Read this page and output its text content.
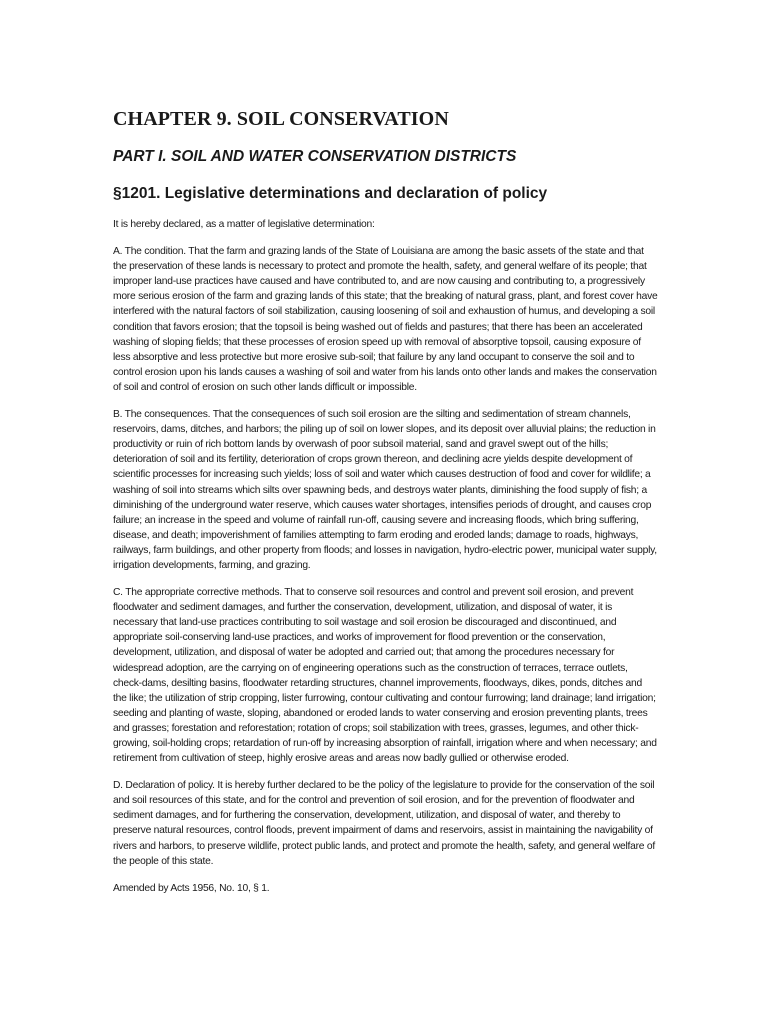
CHAPTER 9. SOIL CONSERVATION
PART I. SOIL AND WATER CONSERVATION DISTRICTS
§1201. Legislative determinations and declaration of policy

It is hereby declared, as a matter of legislative determination:

A. The condition. That the farm and grazing lands of the State of Louisiana are among the basic assets of the state and that the preservation of these lands is necessary to protect and promote the health, safety, and general welfare of its people; that improper land-use practices have caused and have contributed to, and are now causing and contributing to, a progressively more serious erosion of the farm and grazing lands of this state; that the breaking of natural grass, plant, and forest cover have interfered with the natural factors of soil stabilization, causing loosening of soil and exhaustion of humus, and developing a soil condition that favors erosion; that the topsoil is being washed out of fields and pastures; that there has been an accelerated washing of sloping fields; that these processes of erosion speed up with removal of absorptive topsoil, causing exposure of less absorptive and less protective but more erosive sub-soil; that failure by any land occupant to conserve the soil and to control erosion upon his lands causes a washing of soil and water from his lands onto other lands and makes the conservation of soil and control of erosion on such other lands difficult or impossible.

B. The consequences. That the consequences of such soil erosion are the silting and sedimentation of stream channels, reservoirs, dams, ditches, and harbors; the piling up of soil on lower slopes, and its deposit over alluvial plains; the reduction in productivity or ruin of rich bottom lands by overwash of poor subsoil material, sand and gravel swept out of the hills; deterioration of soil and its fertility, deterioration of crops grown thereon, and declining acre yields despite development of scientific processes for increasing such yields; loss of soil and water which causes destruction of food and cover for wildlife; a washing of soil into streams which silts over spawning beds, and destroys water plants, diminishing the food supply of fish; a diminishing of the underground water reserve, which causes water shortages, intensifies periods of drought, and causes crop failure; an increase in the speed and volume of rainfall run-off, causing severe and increasing floods, which bring suffering, disease, and death; impoverishment of families attempting to farm eroding and eroded lands; damage to roads, highways, railways, farm buildings, and other property from floods; and losses in navigation, hydro-electric power, municipal water supply, irrigation developments, farming, and grazing.

C. The appropriate corrective methods. That to conserve soil resources and control and prevent soil erosion, and prevent floodwater and sediment damages, and further the conservation, development, utilization, and disposal of water, it is necessary that land-use practices contributing to soil wastage and soil erosion be discouraged and discontinued, and appropriate soil-conserving land-use practices, and works of improvement for flood prevention or the conservation, development, utilization, and disposal of water be adopted and carried out; that among the procedures necessary for widespread adoption, are the carrying on of engineering operations such as the construction of terraces, terrace outlets, check-dams, desilting basins, floodwater retarding structures, channel improvements, floodways, dikes, ponds, ditches and the like; the utilization of strip cropping, lister furrowing, contour cultivating and contour furrowing; land drainage; land irrigation; seeding and planting of waste, sloping, abandoned or eroded lands to water conserving and erosion preventing plants, trees and grasses; forestation and reforestation; rotation of crops; soil stabilization with trees, grasses, legumes, and other thick-growing, soil-holding crops; retardation of run-off by increasing absorption of rainfall, irrigation where and when necessary; and retirement from cultivation of steep, highly erosive areas and areas now badly gullied or otherwise eroded.

D. Declaration of policy. It is hereby further declared to be the policy of the legislature to provide for the conservation of the soil and soil resources of this state, and for the control and prevention of soil erosion, and for the prevention of floodwater and sediment damages, and for furthering the conservation, development, utilization, and disposal of water, and thereby to preserve natural resources, control floods, prevent impairment of dams and reservoirs, assist in maintaining the navigability of rivers and harbors, to preserve wildlife, protect public lands, and protect and promote the health, safety, and general welfare of the people of this state.

Amended by Acts 1956, No. 10, § 1.
